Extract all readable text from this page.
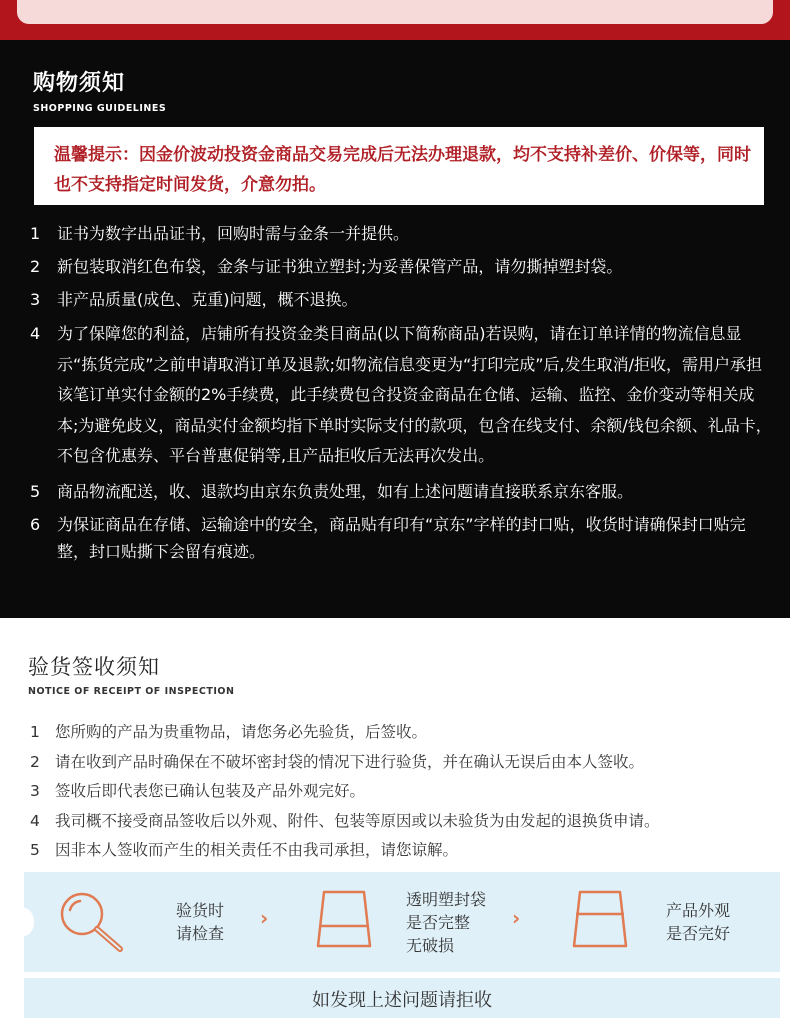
购物须知
SHOPPING GUIDELINES
温馨提示：因金价波动投资金商品交易完成后无法办理退款，均不支持补差价、价保等，同时也不支持指定时间发货，介意勿拍。
1 证书为数字出品证书，回购时需与金条一并提供。
2 新包装取消红色布袋，金条与证书独立塑封;为妥善保管产品，请勿撕掉塑封袋。
3 非产品质量(成色、克重)问题，概不退换。
4 为了保障您的利益，店铺所有投资金类目商品(以下简称商品)若误购，请在订单详情的物流信息显示“拣货完成”之前申请取消订单及退款;如物流信息变更为“打印完成”后,发生取消/拒收，需用户承担该笔订单实付金额的2%手续费，此手续费包含投资金商品在仓储、运输、监控、金价变动等相关成本;为避免歧义，商品实付金额均指下单时实际支付的款项，包含在线支付、余额/钱包余额、礼品卡，不包含优惠券、平台普惠促销等,且产品拒收后无法再次发出。
5 商品物流配送，收、退款均由京东负责处理，如有上述问题请直接联系京东客服。
6 为保证商品在存储、运输途中的安全，商品贴有印有“京东”字样的封口贴，收货时请确保封口贴完整，封口贴撕下会留有痕迹。
验货签收须知
NOTICE OF RECEIPT OF INSPECTION
1 您所购的产品为贵重物品，请您务必先验货，后签收。
2 请在收到产品时确保在不破坏密封袋的情况下进行验货，并在确认无误后由本人签收。
3 签收后即代表您已确认包装及产品外观完好。
4 我司概不接受商品签收后以外观、附件、包装等原因或以未验货为由发起的退换货申请。
5 因非本人签收而产生的相关责任不由我司承担，请您谅解。
验货时
请检查
›
透明塑封袋
是否完整
无破损
›	产品外观
是否完好
如发现上述问题请拒收
